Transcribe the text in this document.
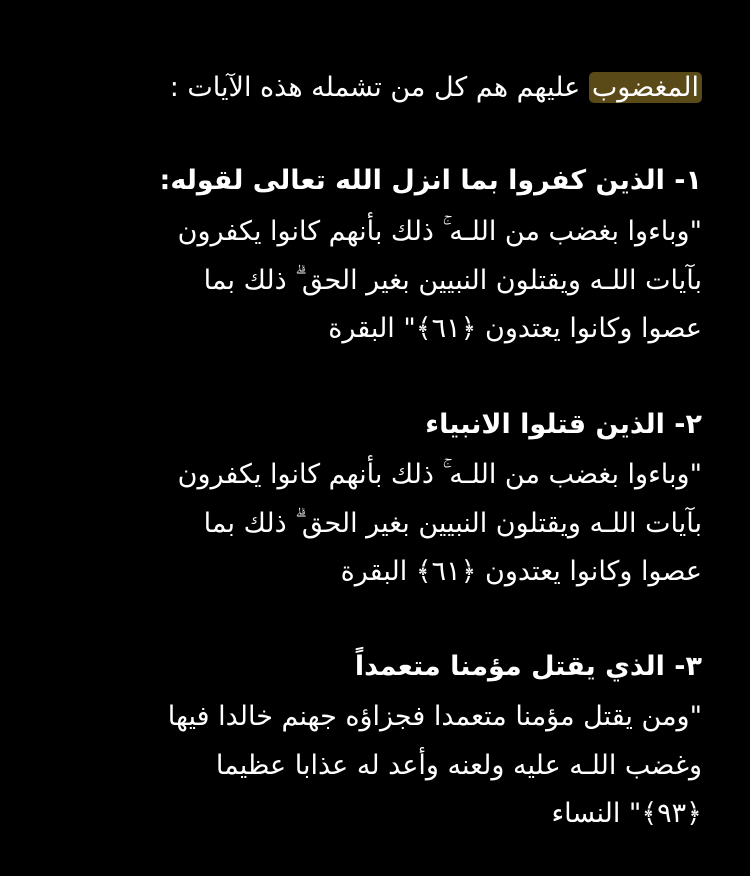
المغضوب عليهم هم كل من تشمله هذه الآيات :
١- الذين كفروا بما انزل الله تعالى لقوله:
"وباءوا بغضب من اللـه ۚ ذلك بأنهم كانوا يكفرون
بآيات اللـه ويقتلون النبيين بغير الحق ۗ ذلك بما
عصوا وكانوا يعتدون ﴿٦١﴾" البقرة
٢- الذين قتلوا الانبياء
"وباءوا بغضب من اللـه ۚ ذلك بأنهم كانوا يكفرون
بآيات اللـه ويقتلون النبيين بغير الحق ۗ ذلك بما
عصوا وكانوا يعتدون ﴿٦١﴾ البقرة
٣- الذي يقتل مؤمنا متعمداً
"ومن يقتل مؤمنا متعمدا فجزاؤه جهنم خالدا فيها
وغضب اللـه عليه ولعنه وأعد له عذابا عظيما
﴿٩٣﴾" النساء
